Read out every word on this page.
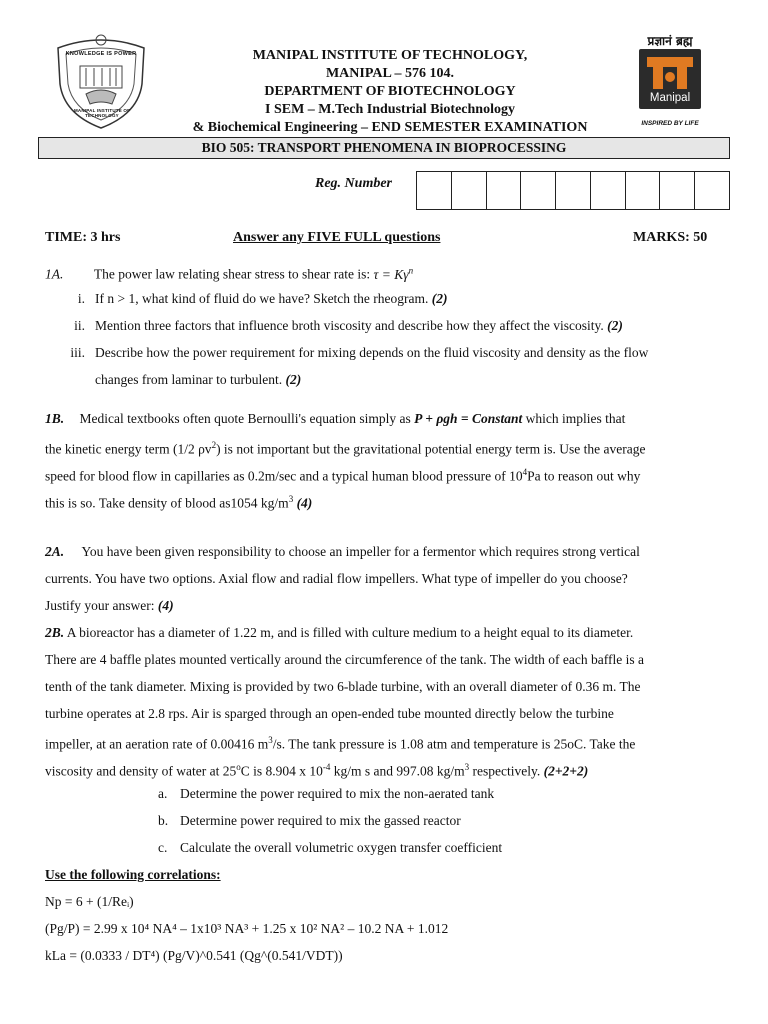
KNOWLEDGE IS POWER
MANIPAL INSTITUTE OF TECHNOLOGY
MANIPAL INSTITUTE OF TECHNOLOGY,
MANIPAL – 576 104.
DEPARTMENT OF BIOTECHNOLOGY
I SEM – M.Tech Industrial Biotechnology
& Biochemical Engineering – END SEMESTER EXAMINATION
प्रज्ञानं ब्रह्म
Manipal
INSPIRED BY LIFE
BIO 505: TRANSPORT PHENOMENA IN BIOPROCESSING
Reg. Number
TIME: 3 hrs	Answer any FIVE FULL questions	MARKS: 50
1A. The power law relating shear stress to shear rate is: $\tau = K\gamma^n$
i. If n > 1, what kind of fluid do we have? Sketch the rheogram. (2)
ii. Mention three factors that influence broth viscosity and describe how they affect the viscosity. (2)
iii. Describe how the power requirement for mixing depends on the fluid viscosity and density as the flow
changes from laminar to turbulent. (2)
1B. Medical textbooks often quote Bernoulli's equation simply as P + ρgh = Constant which implies that
the kinetic energy term (1/2 $\rho v^2$) is not important but the gravitational potential energy term is. Use the average
speed for blood flow in capillaries as 0.2m/sec and a typical human blood pressure of $10^4Pa$ to reason out why
this is so. Take density of blood as1054 $kg/m^3$ (4)
2A. You have been given responsibility to choose an impeller for a fermentor which requires strong vertical
currents. You have two options. Axial flow and radial flow impellers. What type of impeller do you choose?
Justify your answer: (4)
2B. A bioreactor has a diameter of 1.22 m, and is filled with culture medium to a height equal to its diameter.
There are 4 baffle plates mounted vertically around the circumference of the tank. The width of each baffle is a
tenth of the tank diameter. Mixing is provided by two 6-blade turbine, with an overall diameter of 0.36 m. The
turbine operates at 2.8 rps. Air is sparged through an open-ended tube mounted directly below the turbine
impeller, at an aeration rate of 0.00416 $m^3/s$. The tank pressure is 1.08 atm and temperature is 25oC. Take the
viscosity and density of water at 25$^o$C is 8.904 x $10^{-4}$ kg/m s and 997.08 $kg/m^3$ respectively. (2+2+2)
a. Determine the power required to mix the non-aerated tank
b. Determine power required to mix the gassed reactor
c. Calculate the overall volumetric oxygen transfer coefficient
Use the following correlations:
Np = 6 + (1/Reᵢ)
(Pg/P) = 2.99 x 10⁴ NA⁴ – 1x10³ NA³ + 1.25 x 10² NA² – 10.2 NA + 1.012
kLa = (0.0333 / DT⁴) (Pg/V)^0.541 (Qg^(0.541/VDT))
